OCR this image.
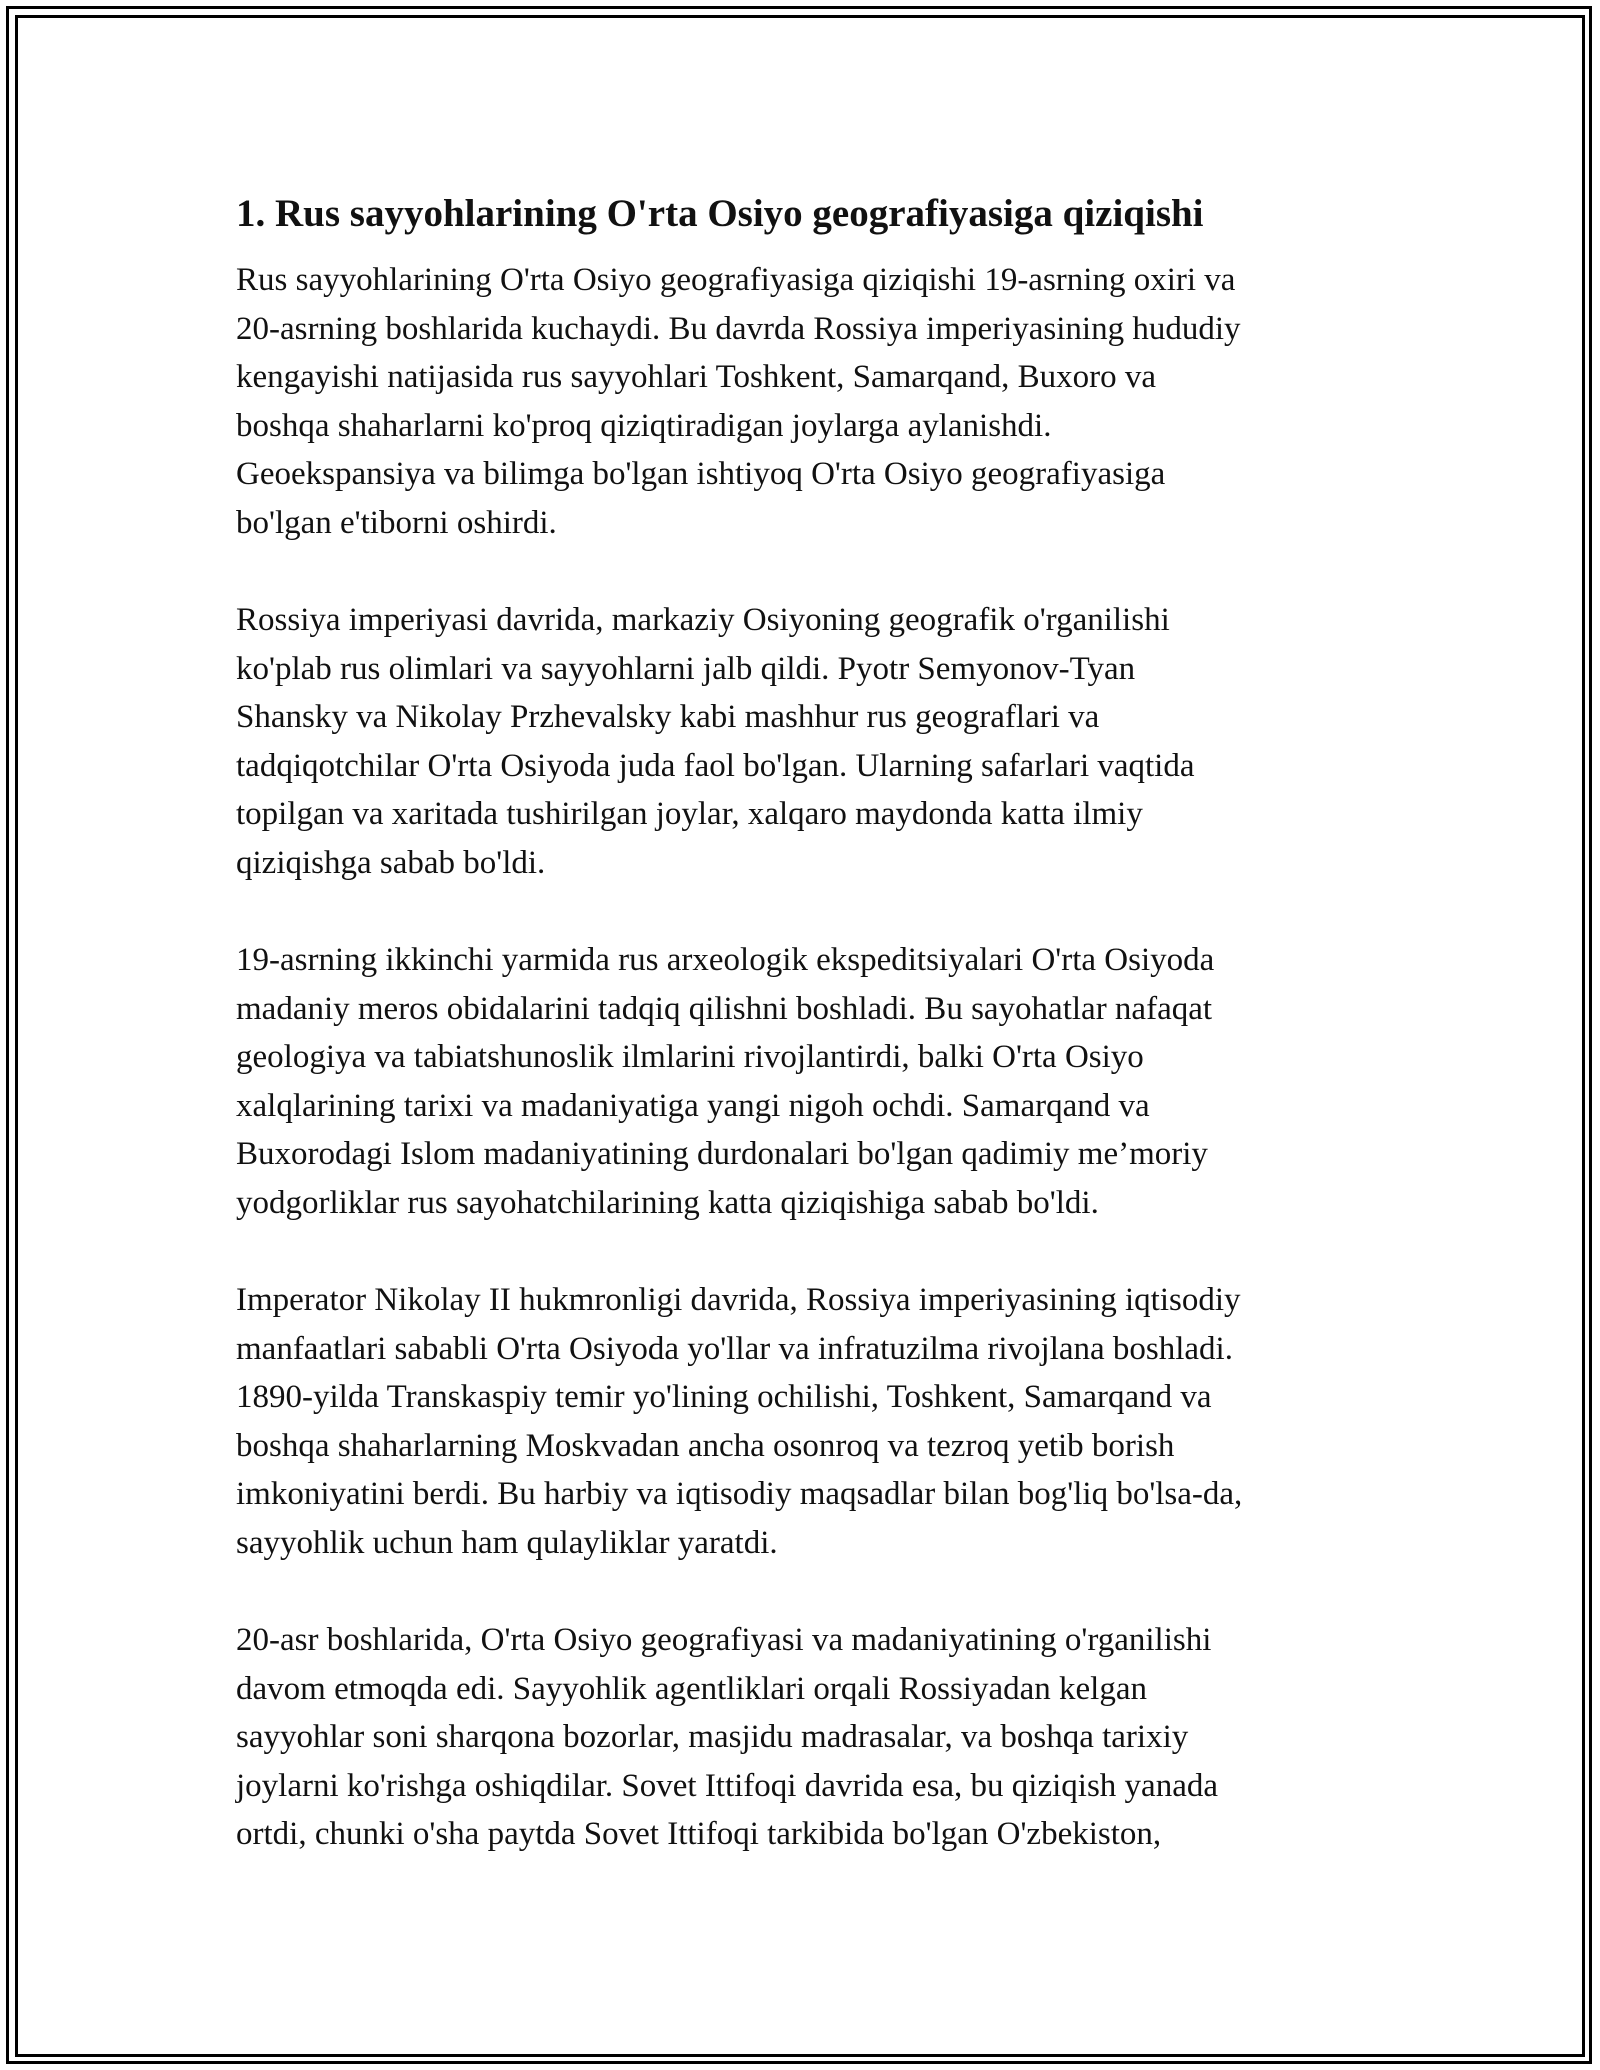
1. Rus sayyohlarining O'rta Osiyo geografiyasiga qiziqishi

Rus sayyohlarining O'rta Osiyo geografiyasiga qiziqishi 19-asrning oxiri va
20-asrning boshlarida kuchaydi. Bu davrda Rossiya imperiyasining hududiy
kengayishi natijasida rus sayyohlari Toshkent, Samarqand, Buxoro va
boshqa shaharlarni ko'proq qiziqtiradigan joylarga aylanishdi.
Geoekspansiya va bilimga bo'lgan ishtiyoq O'rta Osiyo geografiyasiga
bo'lgan e'tiborni oshirdi.

Rossiya imperiyasi davrida, markaziy Osiyoning geografik o'rganilishi
ko'plab rus olimlari va sayyohlarni jalb qildi. Pyotr Semyonov-Tyan
Shansky va Nikolay Przhevalsky kabi mashhur rus geograflari va
tadqiqotchilar O'rta Osiyoda juda faol bo'lgan. Ularning safarlari vaqtida
topilgan va xaritada tushirilgan joylar, xalqaro maydonda katta ilmiy
qiziqishga sabab bo'ldi.

19-asrning ikkinchi yarmida rus arxeologik ekspeditsiyalari O'rta Osiyoda
madaniy meros obidalarini tadqiq qilishni boshladi. Bu sayohatlar nafaqat
geologiya va tabiatshunoslik ilmlarini rivojlantirdi, balki O'rta Osiyo
xalqlarining tarixi va madaniyatiga yangi nigoh ochdi. Samarqand va
Buxorodagi Islom madaniyatining durdonalari bo'lgan qadimiy me’moriy
yodgorliklar rus sayohatchilarining katta qiziqishiga sabab bo'ldi.

Imperator Nikolay II hukmronligi davrida, Rossiya imperiyasining iqtisodiy
manfaatlari sababli O'rta Osiyoda yo'llar va infratuzilma rivojlana boshladi.
1890-yilda Transkaspiy temir yo'lining ochilishi, Toshkent, Samarqand va
boshqa shaharlarning Moskvadan ancha osonroq va tezroq yetib borish
imkoniyatini berdi. Bu harbiy va iqtisodiy maqsadlar bilan bog'liq bo'lsa-da,
sayyohlik uchun ham qulayliklar yaratdi.

20-asr boshlarida, O'rta Osiyo geografiyasi va madaniyatining o'rganilishi
davom etmoqda edi. Sayyohlik agentliklari orqali Rossiyadan kelgan
sayyohlar soni sharqona bozorlar, masjidu madrasalar, va boshqa tarixiy
joylarni ko'rishga oshiqdilar. Sovet Ittifoqi davrida esa, bu qiziqish yanada
ortdi, chunki o'sha paytda Sovet Ittifoqi tarkibida bo'lgan O'zbekiston,
